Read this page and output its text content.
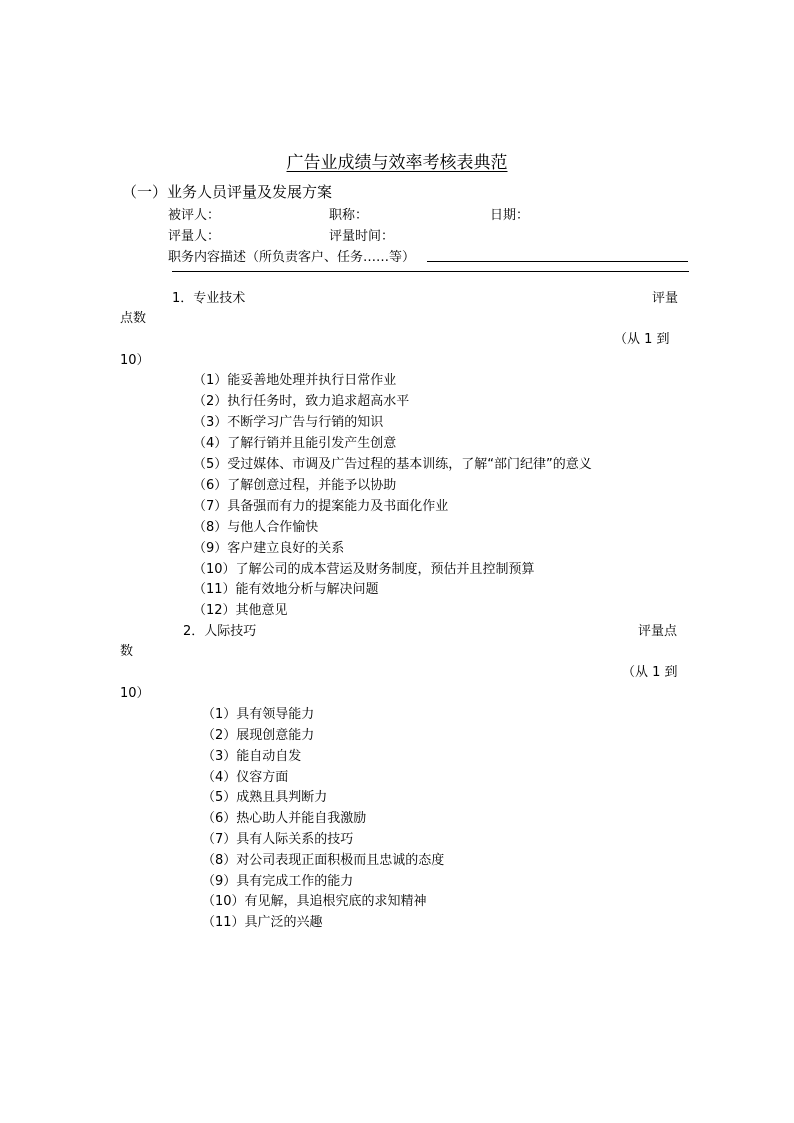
广告业成绩与效率考核表典范
（一）业务人员评量及发展方案
被评人：	职称：	日期：
评量人：	评量时间：
职务内容描述（所负责客户、任务……等）
1．专业技术	评量
点数
（从 1 到
10）
（1）能妥善地处理并执行日常作业
（2）执行任务时，致力追求超高水平
（3）不断学习广告与行销的知识
（4）了解行销并且能引发产生创意
（5）受过媒体、市调及广告过程的基本训练，了解“部门纪律”的意义
（6）了解创意过程，并能予以协助
（7）具备强而有力的提案能力及书面化作业
（8）与他人合作愉快
（9）客户建立良好的关系
（10）了解公司的成本营运及财务制度，预估并且控制预算
（11）能有效地分析与解决问题
（12）其他意见
2．人际技巧	评量点
数
（从 1 到
10）
（1）具有领导能力
（2）展现创意能力
（3）能自动自发
（4）仪容方面
（5）成熟且具判断力
（6）热心助人并能自我激励
（7）具有人际关系的技巧
（8）对公司表现正面积极而且忠诚的态度
（9）具有完成工作的能力
（10）有见解，具追根究底的求知精神
（11）具广泛的兴趣
